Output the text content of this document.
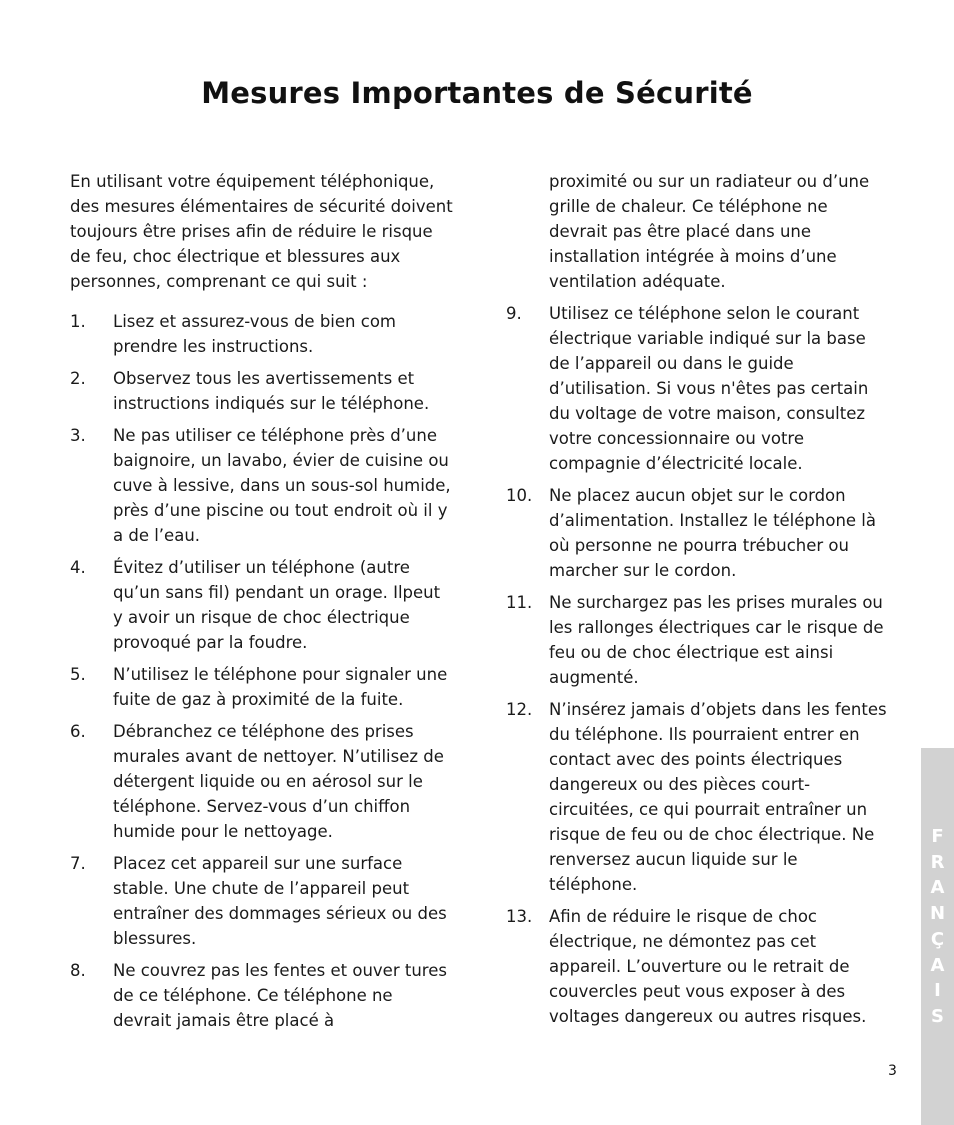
Mesures Importantes de Sécurité

En utilisant votre équipement téléphonique, des mesures élémentaires de sécurité doivent toujours être prises afin de réduire le risque de feu, choc électrique et blessures aux personnes, comprenant ce qui suit :

1. Lisez et assurez-vous de bien com prendre les instructions.
2. Observez tous les avertissements et instructions indiqués sur le téléphone.
3. Ne pas utiliser ce téléphone près d’une baignoire, un lavabo, évier de cuisine ou cuve à lessive, dans un sous-sol humide, près d’une piscine ou tout endroit où il y a de l’eau.
4. Évitez d’utiliser un téléphone (autre qu’un sans fil) pendant un orage. Ilpeut y avoir un risque de choc électrique provoqué par la foudre.
5. N’utilisez le téléphone pour signaler une fuite de gaz à proximité de la fuite.
6. Débranchez ce téléphone des prises murales avant de nettoyer. N’utilisez de détergent liquide ou en aérosol sur le téléphone. Servez-vous d’un chiffon humide pour le nettoyage.
7. Placez cet appareil sur une surface stable. Une chute de l’appareil peut entraîner des dommages sérieux ou des blessures.
8. Ne couvrez pas les fentes et ouver tures de ce téléphone. Ce téléphone ne devrait jamais être placé à

proximité ou sur un radiateur ou d’une grille de chaleur. Ce téléphone ne devrait pas être placé dans une installation intégrée à moins d’une ventilation adéquate.

9. Utilisez ce téléphone selon le courant électrique variable indiqué sur la base de l’appareil ou dans le guide d’utilisation. Si vous n'êtes pas certain du voltage de votre maison, consultez votre concessionnaire ou votre compagnie d’électricité locale.
10. Ne placez aucun objet sur le cordon d’alimentation. Installez le téléphone là où personne ne pourra trébucher ou marcher sur le cordon.
11. Ne surchargez pas les prises murales ou les rallonges électriques car le risque de feu ou de choc électrique est ainsi augmenté.
12. N’insérez jamais d’objets dans les fentes du téléphone. Ils pourraient entrer en contact avec des points électriques dangereux ou des pièces court-circuitées, ce qui pourrait entraîner un risque de feu ou de choc électrique. Ne renversez aucun liquide sur le téléphone.
13. Afin de réduire le risque de choc électrique, ne démontez pas cet appareil. L’ouverture ou le retrait de couvercles peut vous exposer à des voltages dangereux ou autres risques.
F
R
A
N
Ç
A
I
S
3
